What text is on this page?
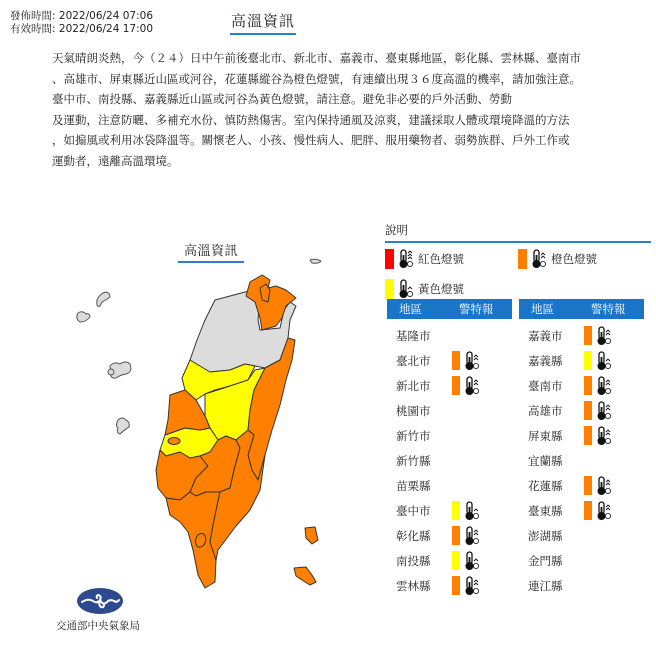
發佈時間: 2022/06/24 07:06
有效時間: 2022/06/24 17:00	高溫資訊

天氣晴朗炎熱，今（２４）日中午前後臺北市、新北市、嘉義市、臺東縣地區，彰化縣、雲林縣、臺南市

、高雄市、屏東縣近山區或河谷，花蓮縣縱谷為橙色燈號，有連續出現３６度高溫的機率，請加強注意。

臺中市、南投縣、嘉義縣近山區或河谷為黃色燈號，請注意。避免非必要的戶外活動、勞動

及運動，注意防曬、多補充水份、慎防熱傷害。室內保持通風及涼爽，建議採取人體或環境降溫的方法

，如搧風或利用冰袋降溫等。關懷老人、小孩、慢性病人、肥胖、服用藥物者、弱勢族群、戶外工作或

運動者，遠離高溫環境。

高溫資訊
交通部中央氣象局
說明
紅色燈號	橙色燈號
黃色燈號
地區	警特報
基隆市
臺北市
新北市
桃園市
新竹市
新竹縣
苗栗縣
臺中市
彰化縣
南投縣
雲林縣
地區	警特報
嘉義市
嘉義縣
臺南市
高雄市
屏東縣
宜蘭縣
花蓮縣
臺東縣
澎湖縣
金門縣
連江縣
